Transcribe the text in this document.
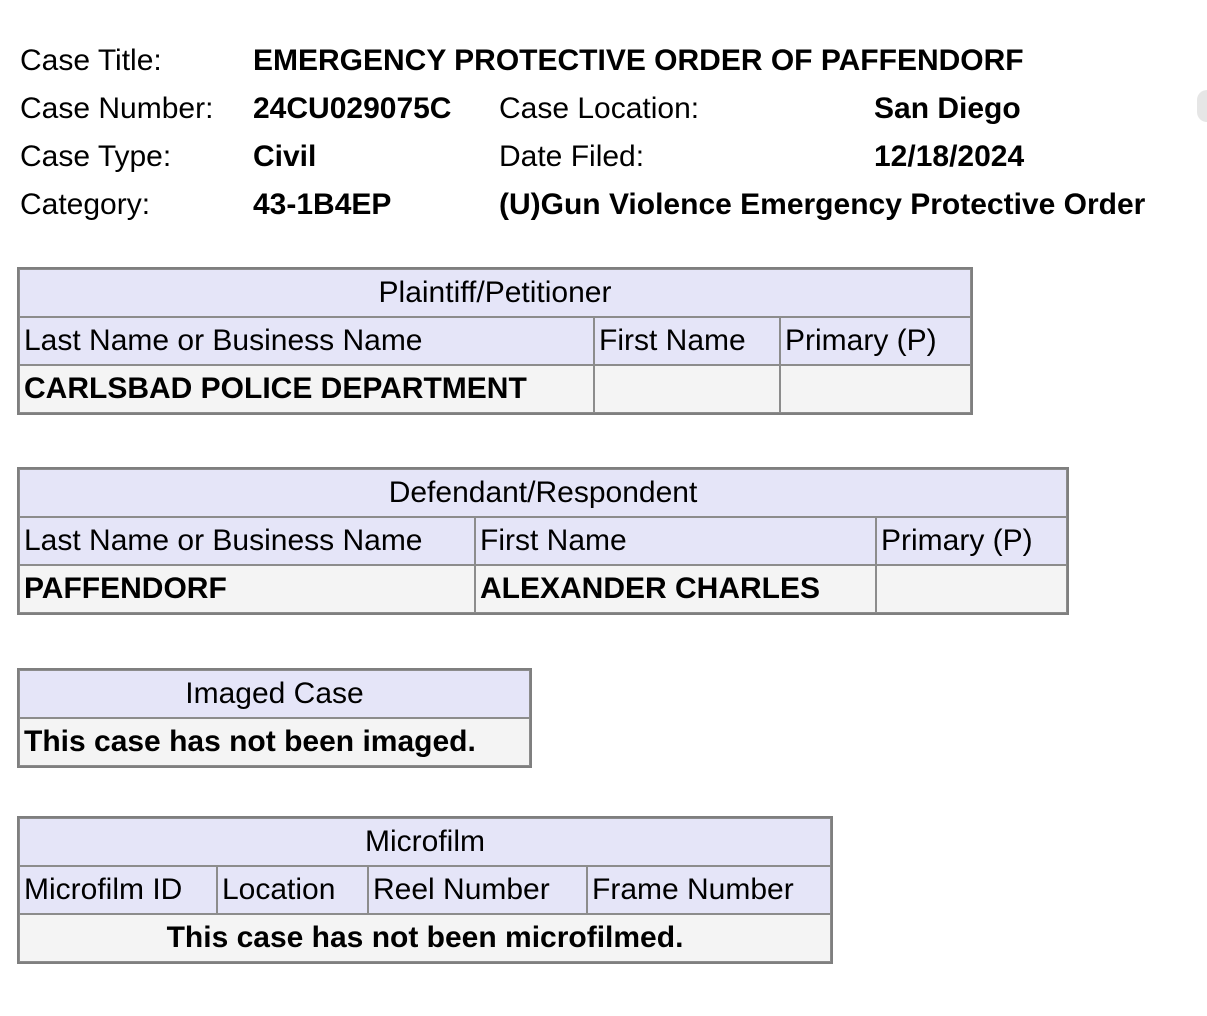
Case Title:	EMERGENCY PROTECTIVE ORDER OF PAFFENDORF		
Case Number:	24CU029075C	Case Location:	San Diego
Case Type:	Civil	Date Filed:	12/18/2024
Category:	43-1B4EP	(U)Gun Violence Emergency Protective Order	
Plaintiff/Petitioner		
Last Name or Business Name	First Name	Primary (P)
CARLSBAD POLICE DEPARTMENT		
Defendant/Respondent		
Last Name or Business Name	First Name	Primary (P)
PAFFENDORF	ALEXANDER CHARLES	
Imaged Case
This case has not been imaged.
Microfilm
Microfilm ID	Location	Reel Number	Frame Number
This case has not been microfilmed.
